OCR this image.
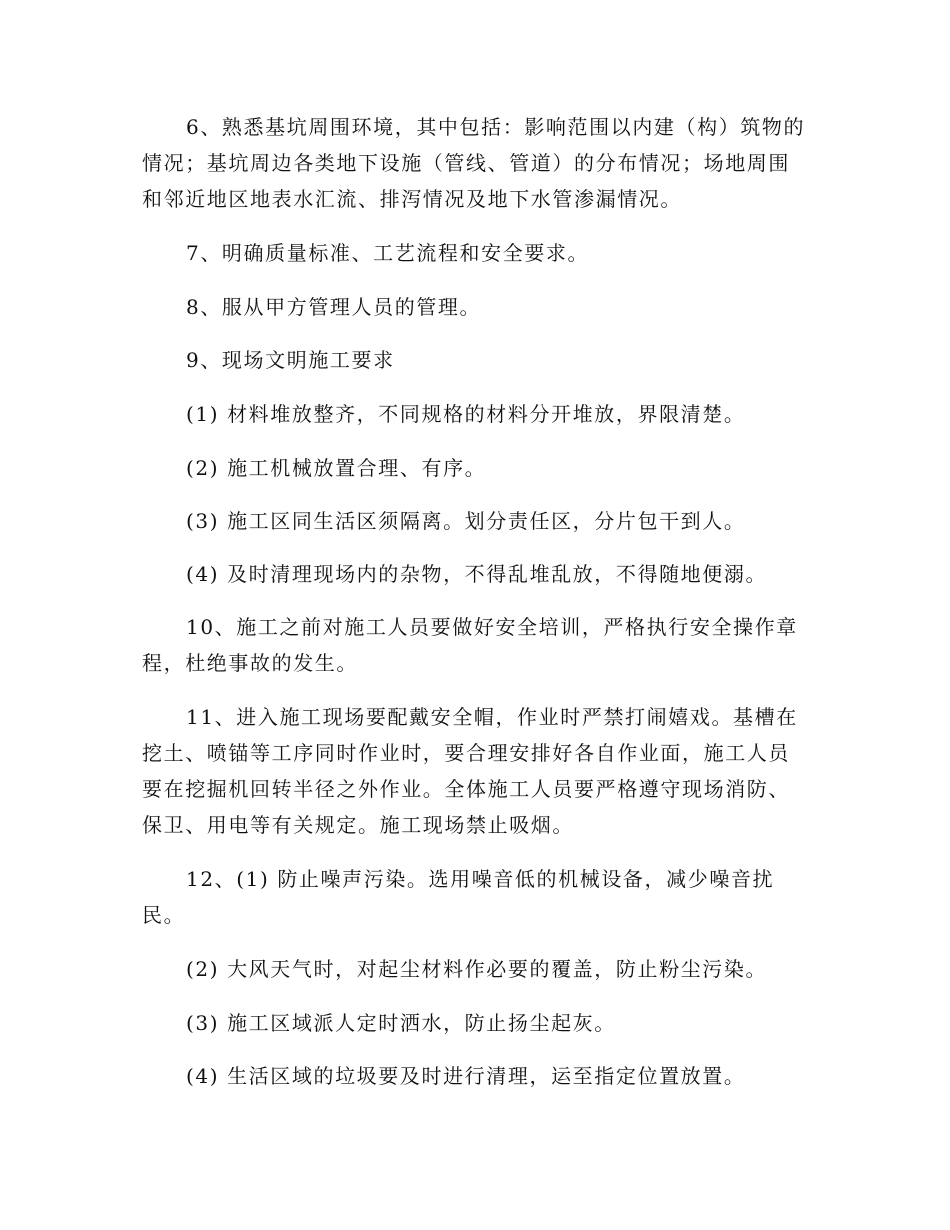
6、熟悉基坑周围环境，其中包括：影响范围以内建（构）筑物的情况；基坑周边各类地下设施（管线、管道）的分布情况；场地周围和邻近地区地表水汇流、排泻情况及地下水管渗漏情况。

7、明确质量标准、工艺流程和安全要求。

8、服从甲方管理人员的管理。

9、现场文明施工要求

(1) 材料堆放整齐，不同规格的材料分开堆放，界限清楚。

(2) 施工机械放置合理、有序。

(3) 施工区同生活区须隔离。划分责任区，分片包干到人。

(4) 及时清理现场内的杂物，不得乱堆乱放，不得随地便溺。

10、施工之前对施工人员要做好安全培训，严格执行安全操作章程，杜绝事故的发生。

11、进入施工现场要配戴安全帽，作业时严禁打闹嬉戏。基槽在挖土、喷锚等工序同时作业时，要合理安排好各自作业面，施工人员要在挖掘机回转半径之外作业。全体施工人员要严格遵守现场消防、保卫、用电等有关规定。施工现场禁止吸烟。

12、(1) 防止噪声污染。选用噪音低的机械设备，减少噪音扰民。

(2) 大风天气时，对起尘材料作必要的覆盖，防止粉尘污染。

(3) 施工区域派人定时洒水，防止扬尘起灰。

(4) 生活区域的垃圾要及时进行清理，运至指定位置放置。
